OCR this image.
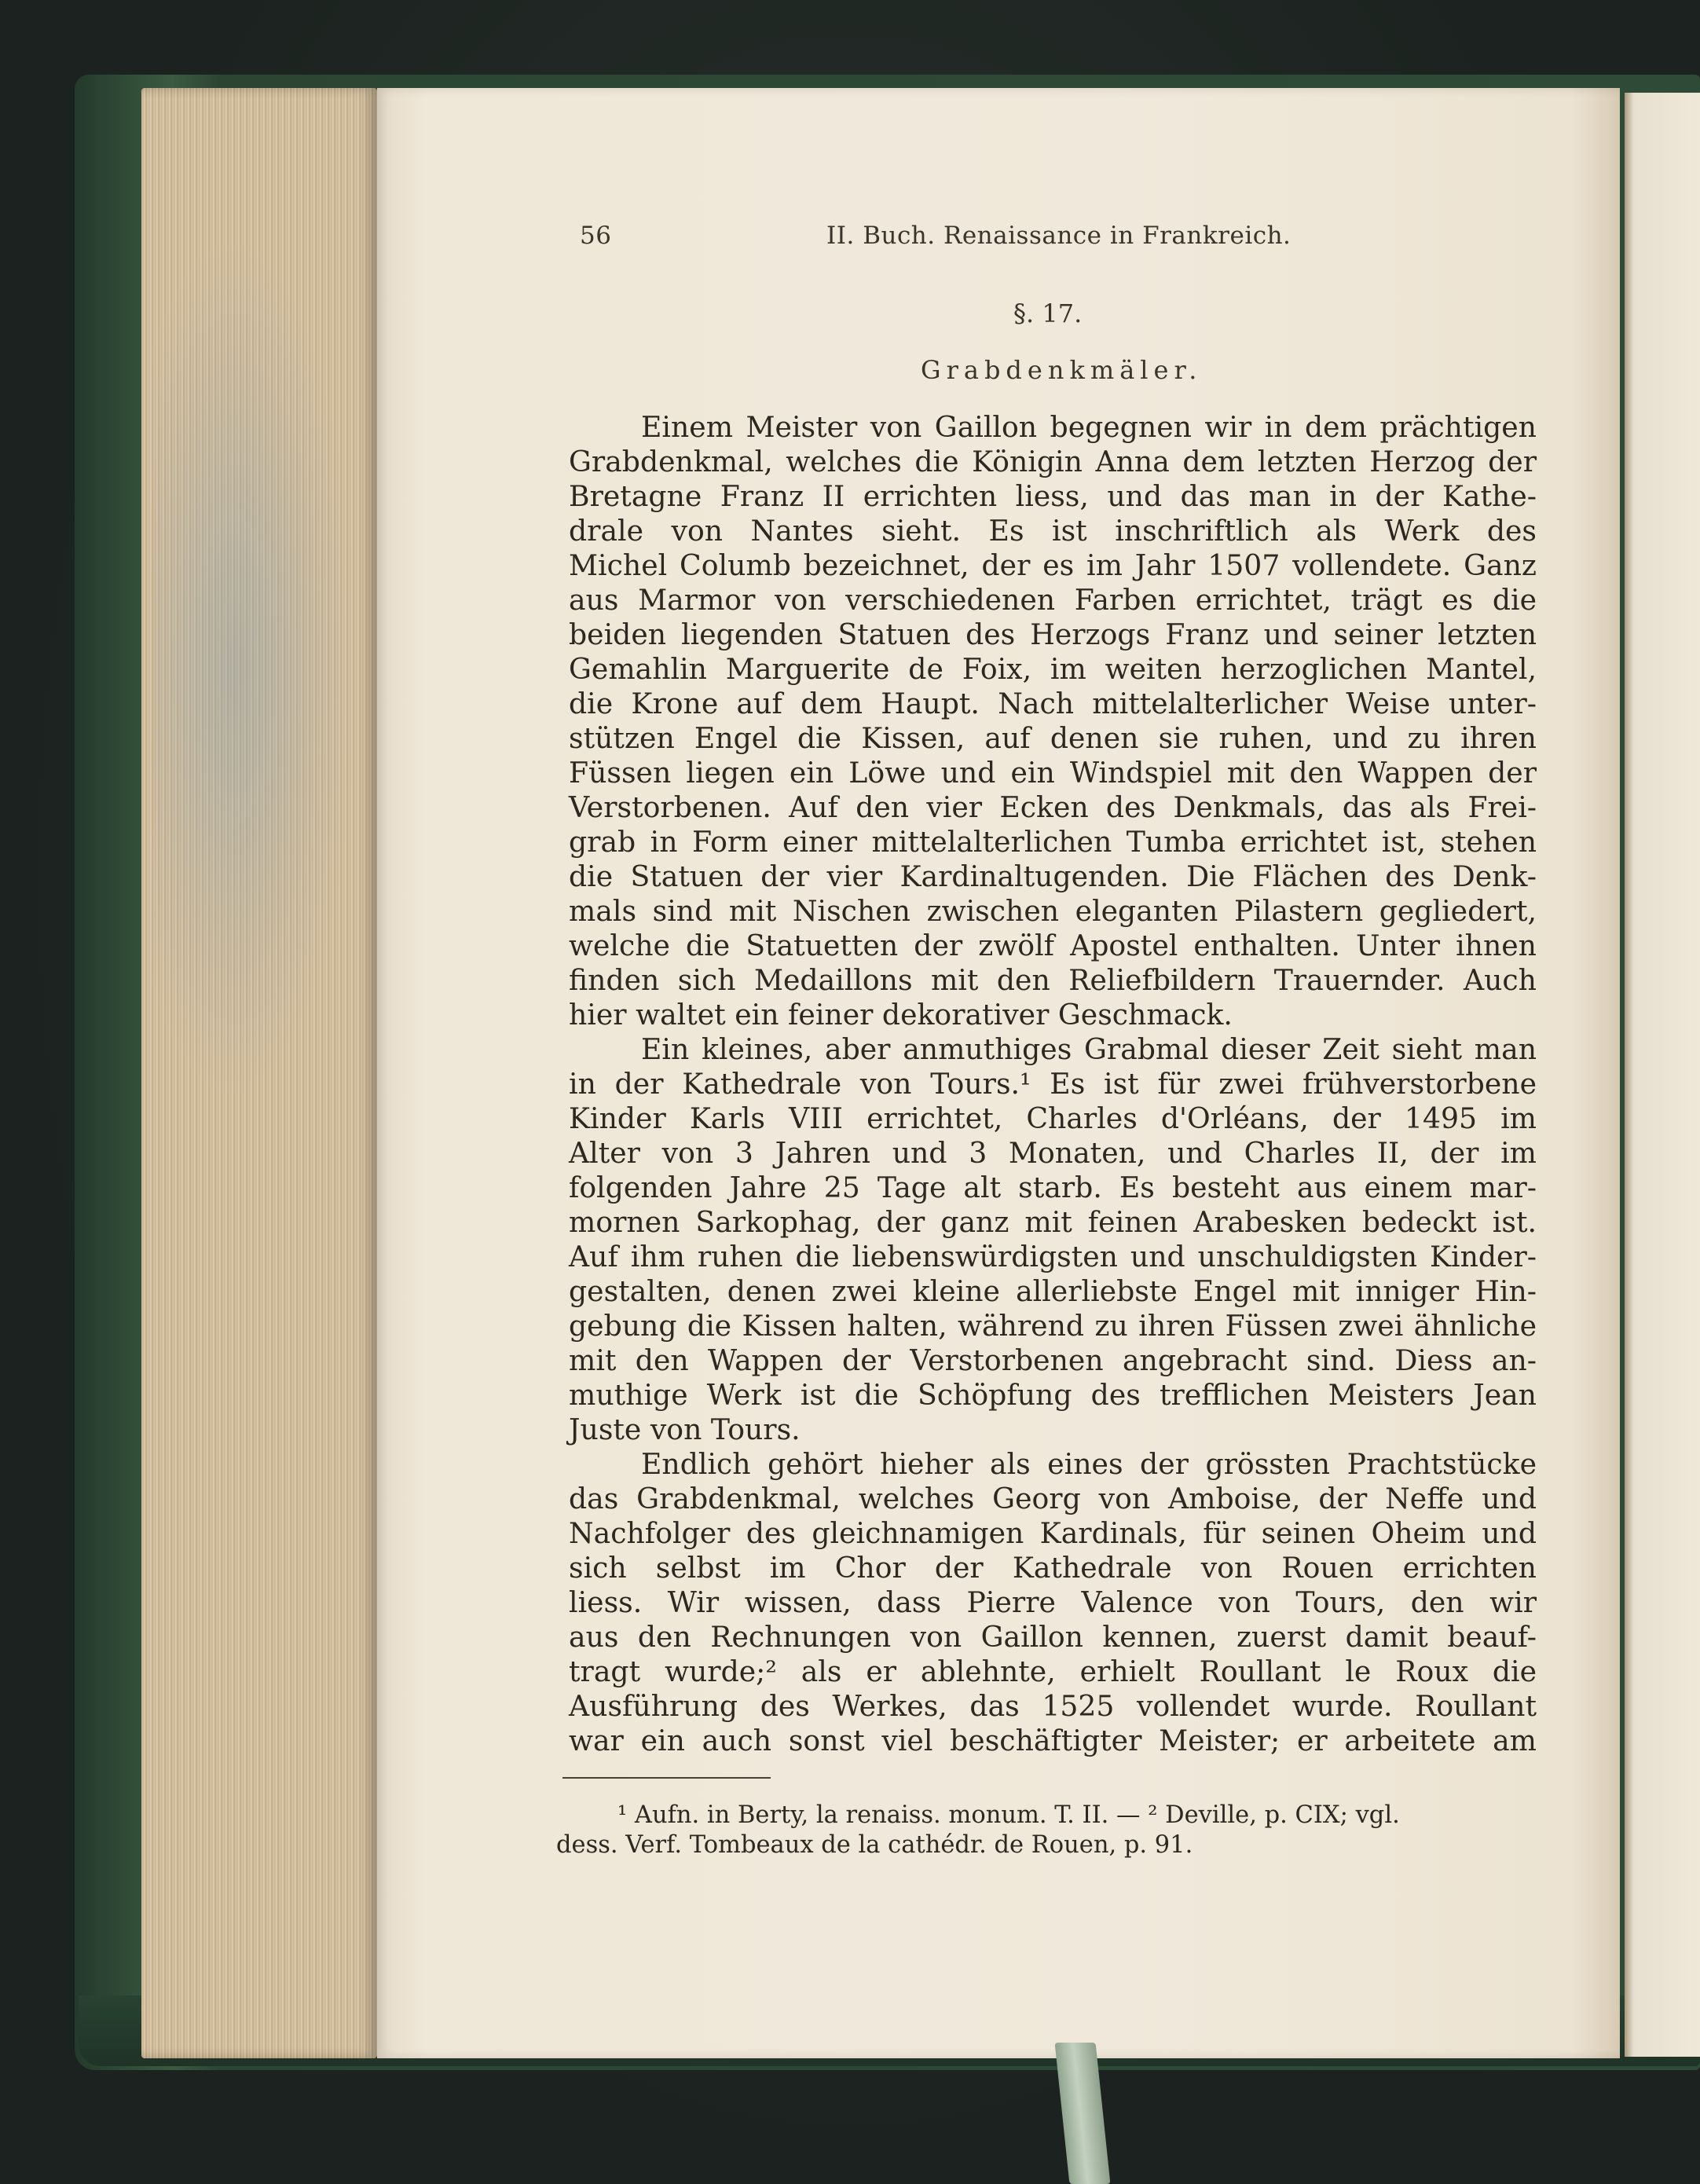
56	II. Buch. Renaissance in Frankreich.
§. 17.
Grabdenkmäler.
Einem Meister von Gaillon begegnen wir in dem prächtigen
Grabdenkmal, welches die Königin Anna dem letzten Herzog der
Bretagne Franz II errichten liess, und das man in der Kathe-
drale von Nantes sieht. Es ist inschriftlich als Werk des
Michel Columb bezeichnet, der es im Jahr 1507 vollendete. Ganz
aus Marmor von verschiedenen Farben errichtet, trägt es die
beiden liegenden Statuen des Herzogs Franz und seiner letzten
Gemahlin Marguerite de Foix, im weiten herzoglichen Mantel,
die Krone auf dem Haupt. Nach mittelalterlicher Weise unter-
stützen Engel die Kissen, auf denen sie ruhen, und zu ihren
Füssen liegen ein Löwe und ein Windspiel mit den Wappen der
Verstorbenen. Auf den vier Ecken des Denkmals, das als Frei-
grab in Form einer mittelalterlichen Tumba errichtet ist, stehen
die Statuen der vier Kardinaltugenden. Die Flächen des Denk-
mals sind mit Nischen zwischen eleganten Pilastern gegliedert,
welche die Statuetten der zwölf Apostel enthalten. Unter ihnen
finden sich Medaillons mit den Reliefbildern Trauernder. Auch
hier waltet ein feiner dekorativer Geschmack.
Ein kleines, aber anmuthiges Grabmal dieser Zeit sieht man
in der Kathedrale von Tours.¹ Es ist für zwei frühverstorbene
Kinder Karls VIII errichtet, Charles d'Orléans, der 1495 im
Alter von 3 Jahren und 3 Monaten, und Charles II, der im
folgenden Jahre 25 Tage alt starb. Es besteht aus einem mar-
mornen Sarkophag, der ganz mit feinen Arabesken bedeckt ist.
Auf ihm ruhen die liebenswürdigsten und unschuldigsten Kinder-
gestalten, denen zwei kleine allerliebste Engel mit inniger Hin-
gebung die Kissen halten, während zu ihren Füssen zwei ähnliche
mit den Wappen der Verstorbenen angebracht sind. Diess an-
muthige Werk ist die Schöpfung des trefflichen Meisters Jean
Juste von Tours.
Endlich gehört hieher als eines der grössten Prachtstücke
das Grabdenkmal, welches Georg von Amboise, der Neffe und
Nachfolger des gleichnamigen Kardinals, für seinen Oheim und
sich selbst im Chor der Kathedrale von Rouen errichten
liess. Wir wissen, dass Pierre Valence von Tours, den wir
aus den Rechnungen von Gaillon kennen, zuerst damit beauf-
tragt wurde;² als er ablehnte, erhielt Roullant le Roux die
Ausführung des Werkes, das 1525 vollendet wurde. Roullant
war ein auch sonst viel beschäftigter Meister; er arbeitete am
¹ Aufn. in Berty, la renaiss. monum. T. II. — ² Deville, p. CIX; vgl.
dess. Verf. Tombeaux de la cathédr. de Rouen, p. 91.
